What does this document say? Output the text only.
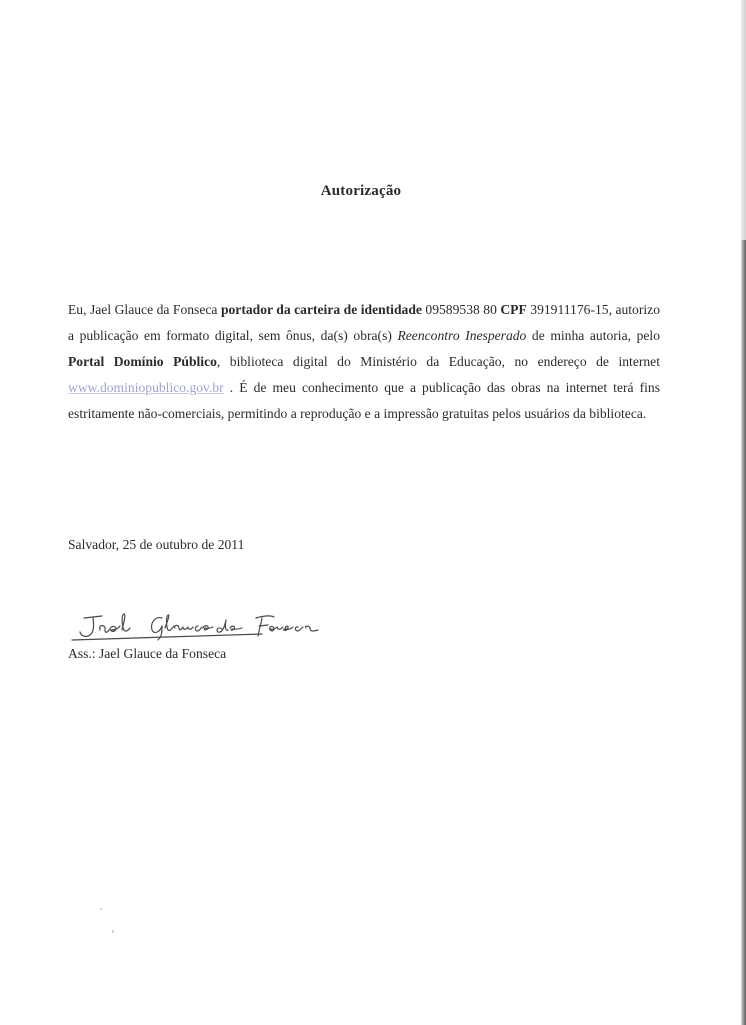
Autorização
Eu, Jael Glauce da Fonseca portador da carteira de identidade 09589538 80 CPF 391911176-15, autorizo a publicação em formato digital, sem ônus, da(s) obra(s) Reencontro Inesperado de minha autoria, pelo Portal Domínio Público, biblioteca digital do Ministério da Educação, no endereço de internet www.dominiopublico.gov.br . É de meu conhecimento que a publicação das obras na internet terá fins estritamente não-comerciais, permitindo a reprodução e a impressão gratuitas pelos usuários da biblioteca.
Salvador, 25 de outubro de 2011
Ass.: Jael Glauce da Fonseca
